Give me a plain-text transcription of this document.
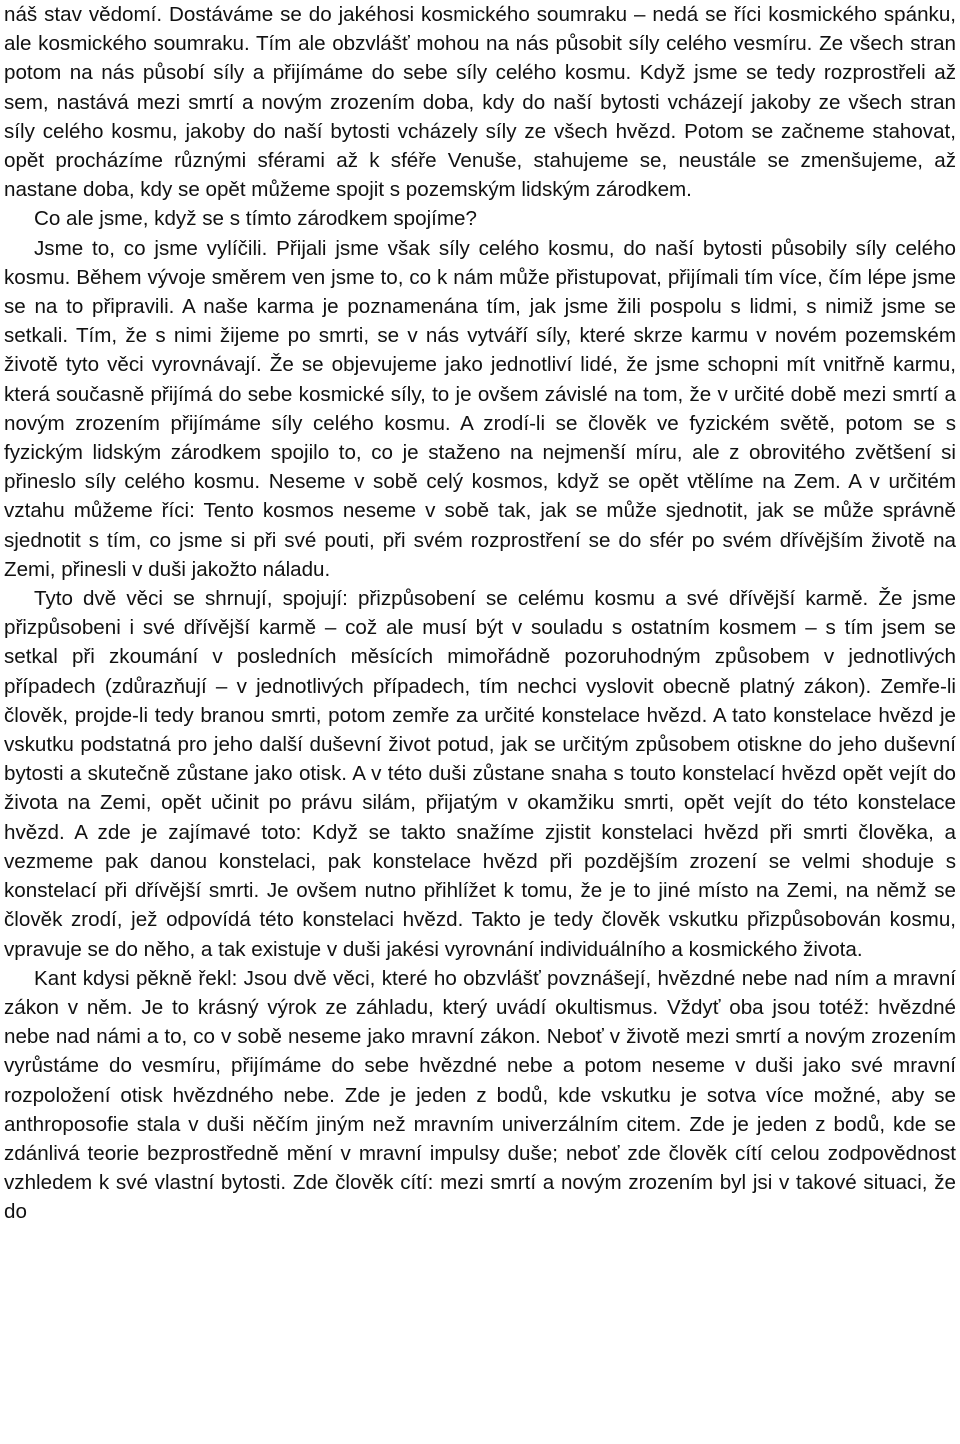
náš stav vědomí. Dostáváme se do jakéhosi kosmického soumraku – nedá se říci kosmického spánku, ale kosmického soumraku. Tím ale obzvlášť mohou na nás působit síly celého vesmíru. Ze všech stran potom na nás působí síly a přijímáme do sebe síly celého kosmu. Když jsme se tedy rozprostřeli až sem, nastává mezi smrtí a novým zrozením doba, kdy do naší bytosti vcházejí jakoby ze všech stran síly celého kosmu, jakoby do naší bytosti vcházely síly ze všech hvězd. Potom se začneme stahovat, opět procházíme různými sférami až k sféře Venuše, stahujeme se, neustále se zmenšujeme, až nastane doba, kdy se opět můžeme spojit s pozemským lidským zárodkem.

Co ale jsme, když se s tímto zárodkem spojíme?

Jsme to, co jsme vylíčili. Přijali jsme však síly celého kosmu, do naší bytosti působily síly celého kosmu. Během vývoje směrem ven jsme to, co k nám může přistupovat, přijímali tím více, čím lépe jsme se na to připravili. A naše karma je poznamenána tím, jak jsme žili pospolu s lidmi, s nimiž jsme se setkali. Tím, že s nimi žijeme po smrti, se v nás vytváří síly, které skrze karmu v novém pozemském životě tyto věci vyrovnávají. Že se objevujeme jako jednotliví lidé, že jsme schopni mít vnitřně karmu, která současně přijímá do sebe kosmické síly, to je ovšem závislé na tom, že v určité době mezi smrtí a novým zrozením přijímáme síly celého kosmu. A zrodí-li se člověk ve fyzickém světě, potom se s fyzickým lidským zárodkem spojilo to, co je staženo na nejmenší míru, ale z obrovitého zvětšení si přineslo síly celého kosmu. Neseme v sobě celý kosmos, když se opět vtělíme na Zem. A v určitém vztahu můžeme říci: Tento kosmos neseme v sobě tak, jak se může sjednotit, jak se může správně sjednotit s tím, co jsme si při své pouti, při svém rozprostření se do sfér po svém dřívějším životě na Zemi, přinesli v duši jakožto náladu.

Tyto dvě věci se shrnují, spojují: přizpůsobení se celému kosmu a své dřívější karmě. Že jsme přizpůsobeni i své dřívější karmě – což ale musí být v souladu s ostatním kosmem – s tím jsem se setkal při zkoumání v posledních měsících mimořádně pozoruhodným způsobem v jednotlivých případech (zdůrazňují – v jednotlivých případech, tím nechci vyslovit obecně platný zákon). Zemře-li člověk, projde-li tedy branou smrti, potom zemře za určité konstelace hvězd. A tato konstelace hvězd je vskutku podstatná pro jeho další duševní život potud, jak se určitým způsobem otiskne do jeho duševní bytosti a skutečně zůstane jako otisk. A v této duši zůstane snaha s touto konstelací hvězd opět vejít do života na Zemi, opět učinit po právu silám, přijatým v okamžiku smrti, opět vejít do této konstelace hvězd. A zde je zajímavé toto: Když se takto snažíme zjistit konstelaci hvězd při smrti člověka, a vezmeme pak danou konstelaci, pak konstelace hvězd při pozdějším zrození se velmi shoduje s konstelací při dřívější smrti. Je ovšem nutno přihlížet k tomu, že je to jiné místo na Zemi, na němž se člověk zrodí, jež odpovídá této konstelaci hvězd. Takto je tedy člověk vskutku přizpůsobován kosmu, vpravuje se do něho, a tak existuje v duši jakési vyrovnání individuálního a kosmického života.

Kant kdysi pěkně řekl: Jsou dvě věci, které ho obzvlášť povznášejí, hvězdné nebe nad ním a mravní zákon v něm. Je to krásný výrok ze záhladu, který uvádí okultismus. Vždyť oba jsou totéž: hvězdné nebe nad námi a to, co v sobě neseme jako mravní zákon. Neboť v životě mezi smrtí a novým zrozením vyrůstáme do vesmíru, přijímáme do sebe hvězdné nebe a potom neseme v duši jako své mravní rozpoložení otisk hvězdného nebe. Zde je jeden z bodů, kde vskutku je sotva více možné, aby se anthroposofie stala v duši něčím jiným než mravním univerzálním citem. Zde je jeden z bodů, kde se zdánlivá teorie bezprostředně mění v mravní impulsy duše; neboť zde člověk cítí celou zodpovědnost vzhledem k své vlastní bytosti. Zde člověk cítí: mezi smrtí a novým zrozením byl jsi v takové situaci, že do
